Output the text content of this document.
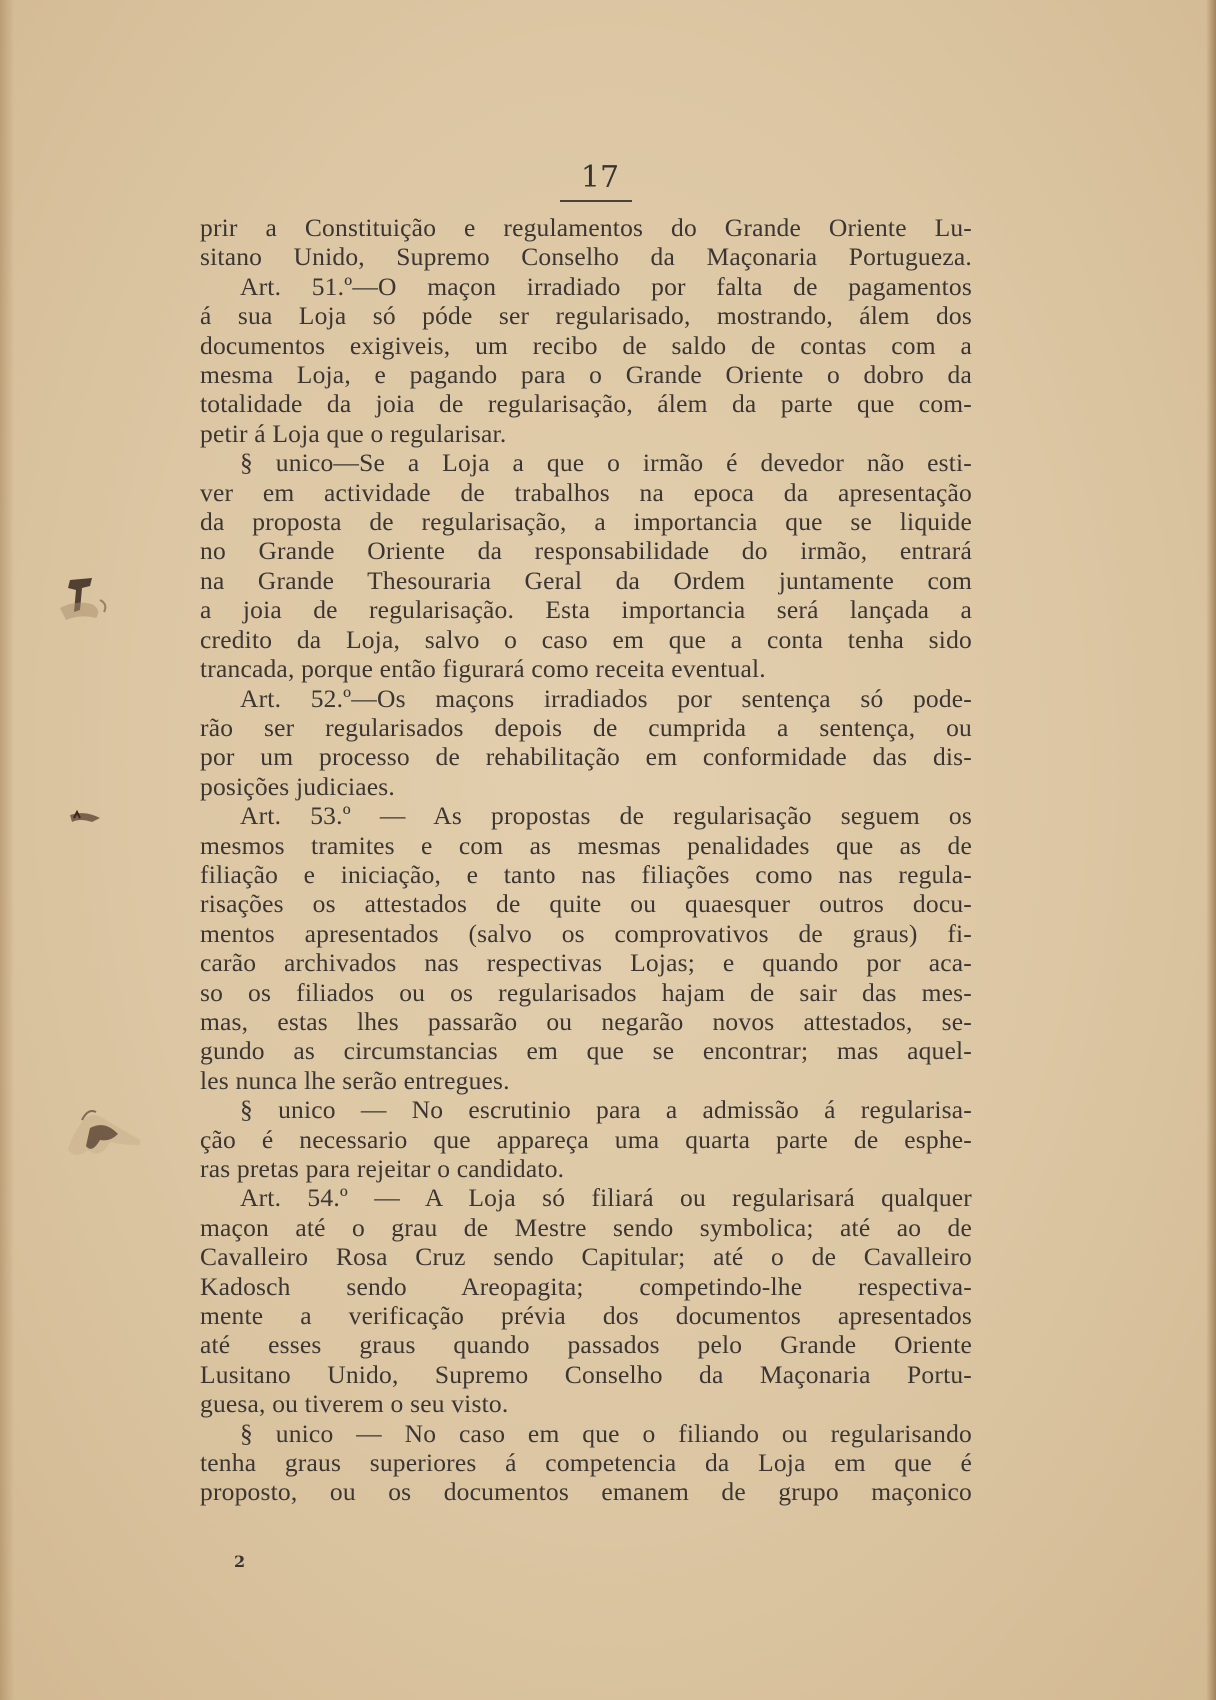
17
prir a Constituição e regulamentos do Grande Oriente Lu-
sitano Unido, Supremo Conselho da Maçonaria Portugueza.
Art. 51.º—O maçon irradiado por falta de pagamentos
á sua Loja só póde ser regularisado, mostrando, álem dos
documentos exigiveis, um recibo de saldo de contas com a
mesma Loja, e pagando para o Grande Oriente o dobro da
totalidade da joia de regularisação, álem da parte que com-
petir á Loja que o regularisar.
§ unico—Se a Loja a que o irmão é devedor não esti-
ver em actividade de trabalhos na epoca da apresentação
da proposta de regularisação, a importancia que se liquide
no Grande Oriente da responsabilidade do irmão, entrará
na Grande Thesouraria Geral da Ordem juntamente com
a joia de regularisação. Esta importancia será lançada a
credito da Loja, salvo o caso em que a conta tenha sido
trancada, porque então figurará como receita eventual.
Art. 52.º—Os maçons irradiados por sentença só pode-
rão ser regularisados depois de cumprida a sentença, ou
por um processo de rehabilitação em conformidade das dis-
posições judiciaes.
Art. 53.º — As propostas de regularisação seguem os
mesmos tramites e com as mesmas penalidades que as de
filiação e iniciação, e tanto nas filiações como nas regula-
risações os attestados de quite ou quaesquer outros docu-
mentos apresentados (salvo os comprovativos de graus) fi-
carão archivados nas respectivas Lojas; e quando por aca-
so os filiados ou os regularisados hajam de sair das mes-
mas, estas lhes passarão ou negarão novos attestados, se-
gundo as circumstancias em que se encontrar; mas aquel-
les nunca lhe serão entregues.
§ unico — No escrutinio para a admissão á regularisa-
ção é necessario que appareça uma quarta parte de esphe-
ras pretas para rejeitar o candidato.
Art. 54.º — A Loja só filiará ou regularisará qualquer
maçon até o grau de Mestre sendo symbolica; até ao de
Cavalleiro Rosa Cruz sendo Capitular; até o de Cavalleiro
Kadosch sendo Areopagita; competindo-lhe respectiva-
mente a verificação prévia dos documentos apresentados
até esses graus quando passados pelo Grande Oriente
Lusitano Unido, Supremo Conselho da Maçonaria Portu-
guesa, ou tiverem o seu visto.
§ unico — No caso em que o filiando ou regularisando
tenha graus superiores á competencia da Loja em que é
proposto, ou os documentos emanem de grupo maçonico
2
